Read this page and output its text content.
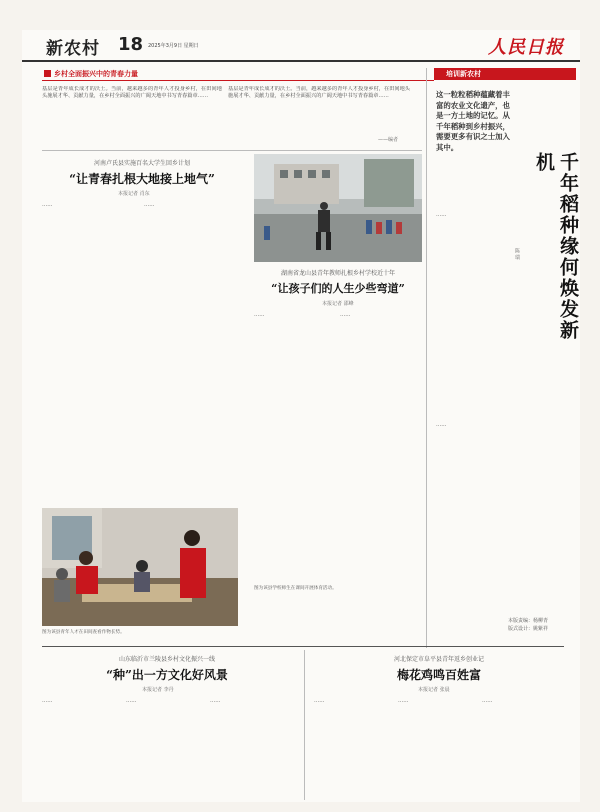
新农村 18 2025年3月9日 星期日	人民日报
乡村全面振兴中的青春力量
基层是青年成长成才的沃土。当前，越来越多的青年人才投身乡村，在田间地头施展才华、贡献力量，在乡村全面振兴的广阔天地中书写青春篇章……
基层是青年成长成才的沃土。当前，越来越多的青年人才投身乡村，在田间地头施展才华、贡献力量，在乡村全面振兴的广阔天地中书写青春篇章……
——编者
培训新农村
河南卢氏县实施百名大学生回乡计划
“让青春扎根大地接上地气”
本报记者 肖东
……	……
湖南省龙山县青年教师扎根乡村学校近十年
“让孩子们的人生少些弯道”
本报记者 邵峰
……	……
图为该县学校师生在课间开展体育活动。
图为该县青年人才在田间查看作物长势。
这一粒粒稻种蕴藏着丰富的农业文化遗产，也是一方土地的记忆。从千年稻种到乡村振兴，需要更多有识之士加入其中。
千年稻种缘何焕发新机
陈 瑞
……
……
本版责编：杨柳青
版式设计：姚紫祥
山东临沂市兰陵县乡村文化振兴一线
“种”出一方文化好风景
本报记者 李丹
……	……	……
河北保定市阜平县青年返乡创业记
梅花鸡鸣百姓富
本报记者 张晨
……	……	……
